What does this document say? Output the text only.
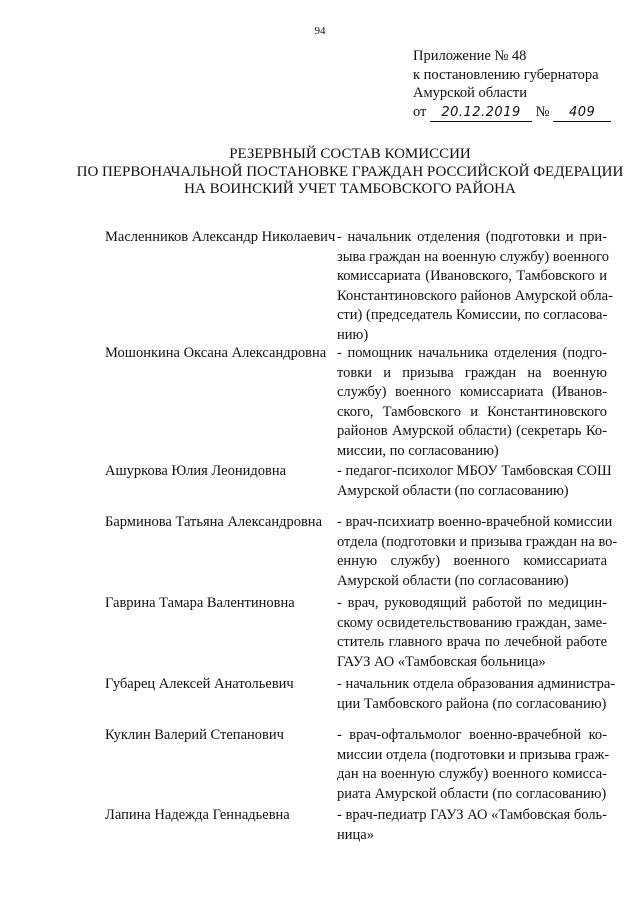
94
Приложение № 48
к постановлению губернатора
Амурской области
от 20.12.2019 № 409
РЕЗЕРВНЫЙ СОСТАВ КОМИССИИ
ПО ПЕРВОНАЧАЛЬНОЙ ПОСТАНОВКЕ ГРАЖДАН РОССИЙСКОЙ ФЕДЕРАЦИИ
НА ВОИНСКИЙ УЧЕТ ТАМБОВСКОГО РАЙОНА
Масленников Александр Николаевич - начальник отделения (подготовки и при-
зыва граждан на военную службу) военного
комиссариата (Ивановского, Тамбовского и
Константиновского районов Амурской обла-
сти) (председатель Комиссии, по согласова-
нию)
Мошонкина Оксана Александровна - помощник начальника отделения (подго-
товки и призыва граждан на военную
службу) военного комиссариата (Иванов-
ского, Тамбовского и Константиновского
районов Амурской области) (секретарь Ко-
миссии, по согласованию)
Ашуркова Юлия Леонидовна	- педагог-психолог МБОУ Тамбовская СОШ
Амурской области (по согласованию)
Барминова Татьяна Александровна - врач-психиатр военно-врачебной комиссии
отдела (подготовки и призыва граждан на во-
енную службу) военного комиссариата
Амурской области (по согласованию)
Гаврина Тамара Валентиновна	- врач, руководящий работой по медицин-
скому освидетельствованию граждан, заме-
ститель главного врача по лечебной работе
ГАУЗ АО «Тамбовская больница»
Губарец Алексей Анатольевич	- начальник отдела образования администра-
ции Тамбовского района (по согласованию)
Куклин Валерий Степанович	- врач-офтальмолог военно-врачебной ко-
миссии отдела (подготовки и призыва граж-
дан на военную службу) военного комисса-
риата Амурской области (по согласованию)
Лапина Надежда Геннадьевна	- врач-педиатр ГАУЗ АО «Тамбовская боль-
ница»
